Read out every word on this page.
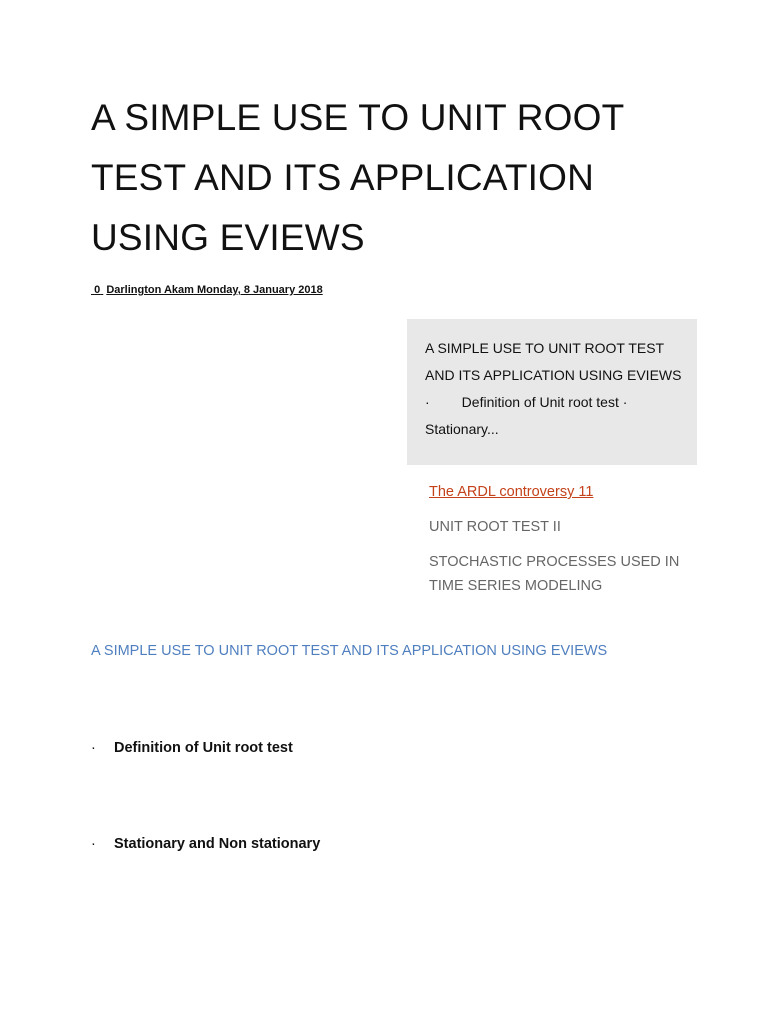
A SIMPLE USE TO UNIT ROOT
TEST AND ITS APPLICATION
USING EVIEWS
0 Darlington Akam Monday, 8 January 2018
A SIMPLE USE TO UNIT ROOT TEST
AND ITS APPLICATION USING EVIEWS
· Definition of Unit root test ·
Stationary...

The ARDL controversy 11

UNIT ROOT TEST II

STOCHASTIC PROCESSES USED IN TIME SERIES MODELING

A SIMPLE USE TO UNIT ROOT TEST AND ITS APPLICATION USING EVIEWS
· Definition of Unit root test
· Stationary and Non stationary
